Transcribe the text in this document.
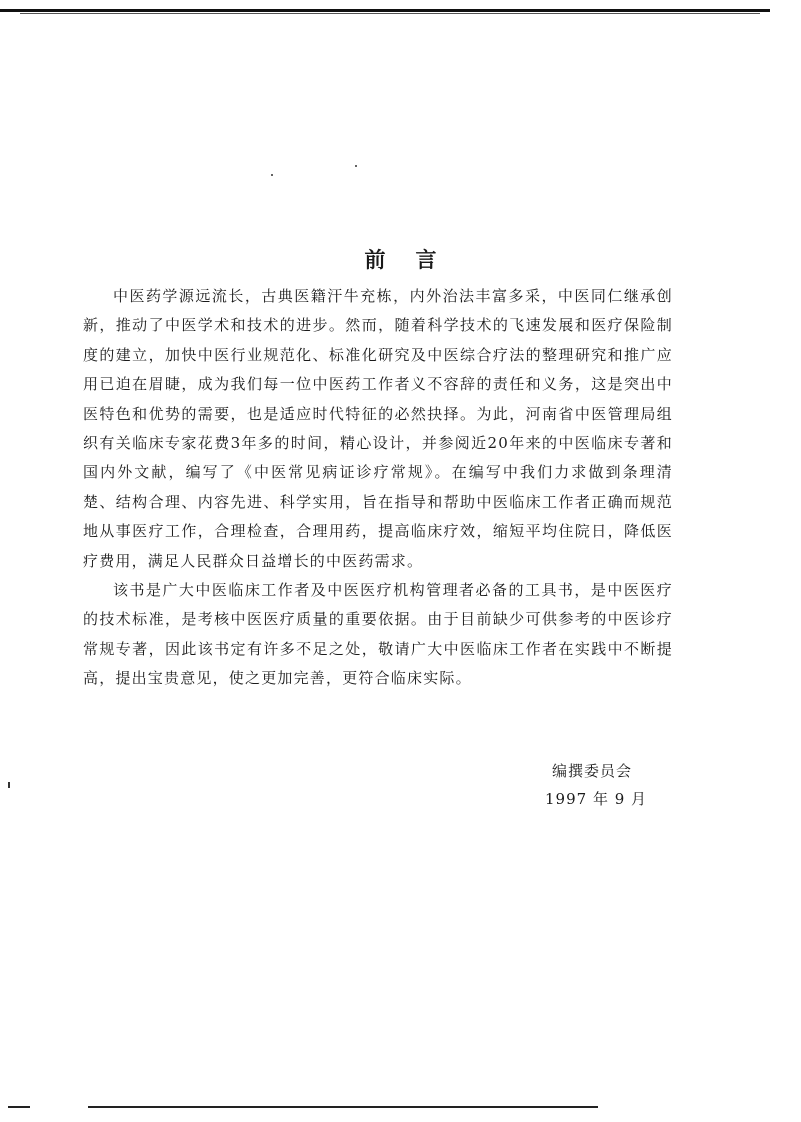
前言

中医药学源远流长，古典医籍汗牛充栋，内外治法丰富多采，中医同仁继承创新，推动了中医学术和技术的进步。然而，随着科学技术的飞速发展和医疗保险制度的建立，加快中医行业规范化、标准化研究及中医综合疗法的整理研究和推广应用已迫在眉睫，成为我们每一位中医药工作者义不容辞的责任和义务，这是突出中医特色和优势的需要，也是适应时代特征的必然抉择。为此，河南省中医管理局组织有关临床专家花费3年多的时间，精心设计，并参阅近20年来的中医临床专著和国内外文献，编写了《中医常见病证诊疗常规》。在编写中我们力求做到条理清楚、结构合理、内容先进、科学实用，旨在指导和帮助中医临床工作者正确而规范地从事医疗工作，合理检查，合理用药，提高临床疗效，缩短平均住院日，降低医疗费用，满足人民群众日益增长的中医药需求。

该书是广大中医临床工作者及中医医疗机构管理者必备的工具书，是中医医疗的技术标准，是考核中医医疗质量的重要依据。由于目前缺少可供参考的中医诊疗常规专著，因此该书定有许多不足之处，敬请广大中医临床工作者在实践中不断提高，提出宝贵意见，使之更加完善，更符合临床实际。

编撰委员会
1997 年 9 月
